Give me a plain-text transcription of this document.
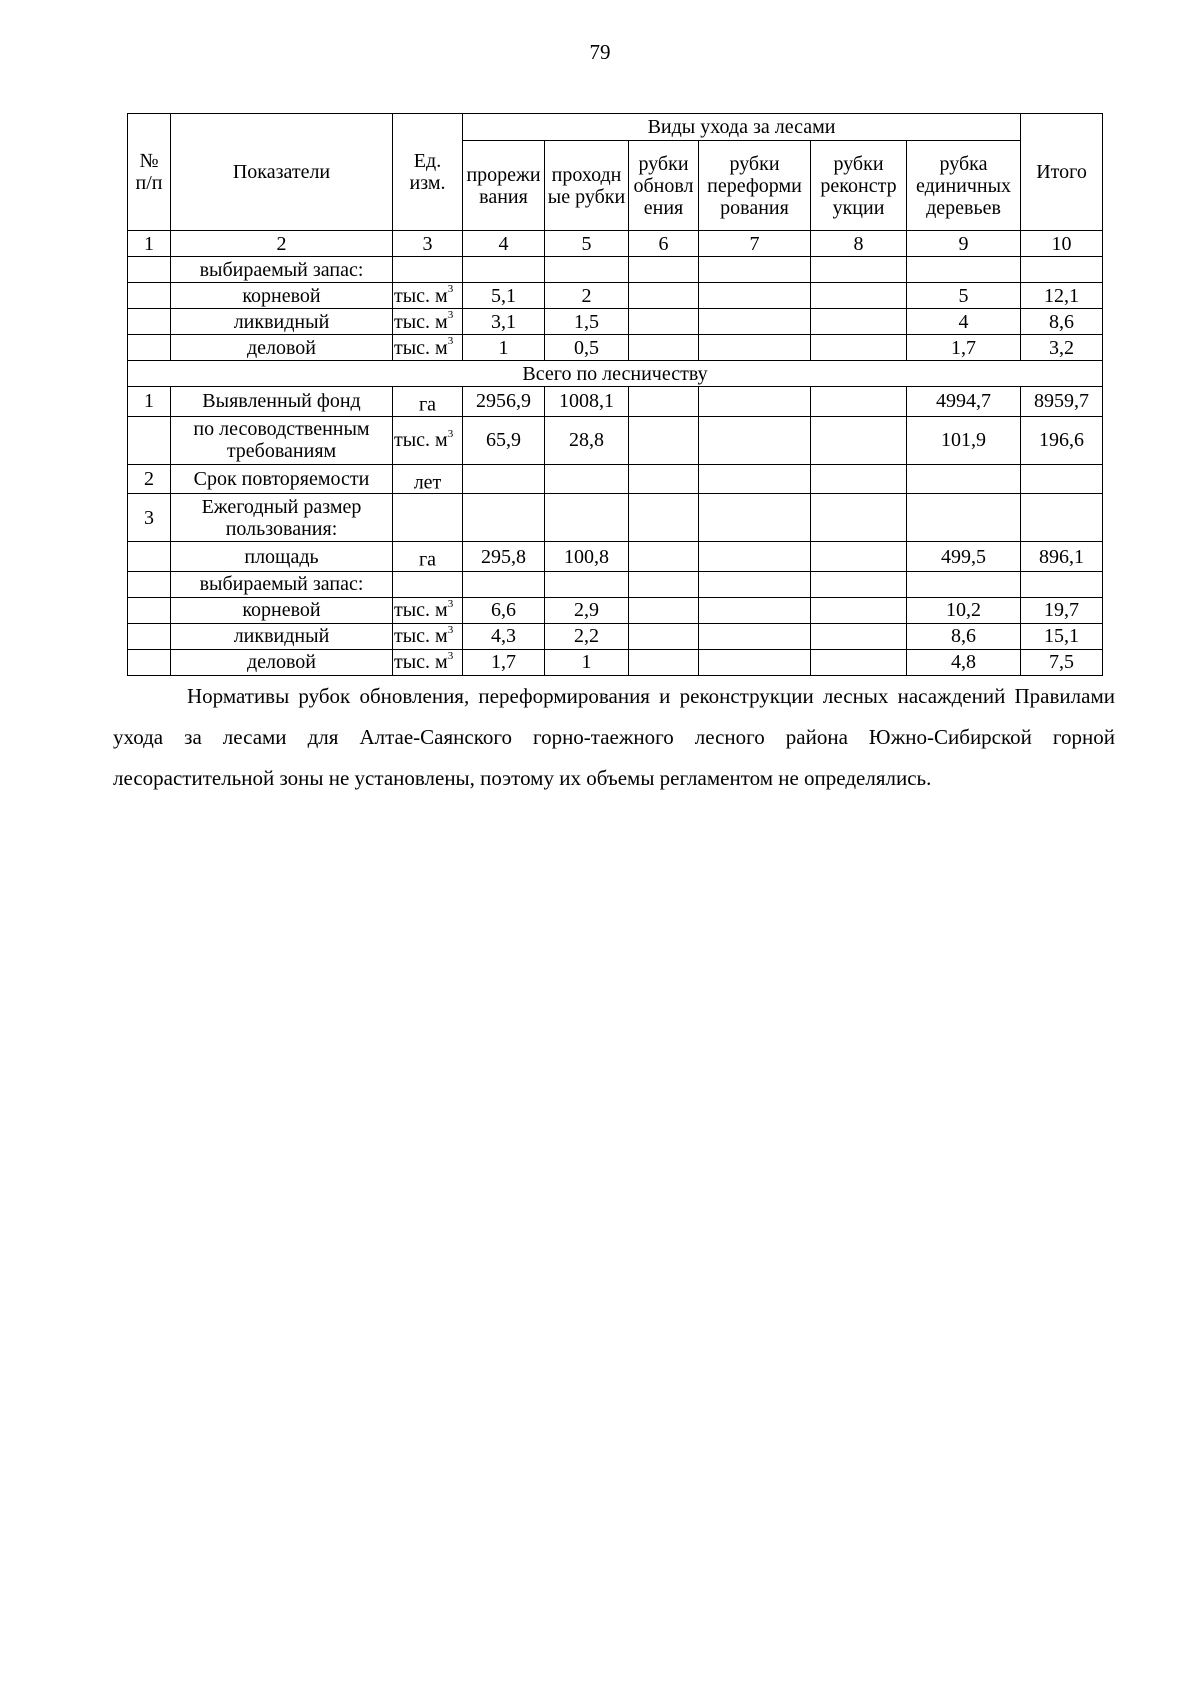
79
№ п/п	Показатели	Ед. изм.	Виды ухода за лесами						Итого
			прорежи вания	проходн ые рубки	рубки обновл ения	рубки переформи рования	рубки реконстр укции	рубка единичных деревьев	
1	2	3	4	5	6	7	8	9	10
	выбираемый запас:								
	корневой	тыс. $м^3$	5,1	2				5	12,1
	ликвидный	тыс. $м^3$	3,1	1,5				4	8,6
	деловой	тыс. $м^3$	1	0,5				1,7	3,2
Всего по лесничеству									
1	Выявленный фонд	га	2956,9	1008,1				4994,7	8959,7
	по лесоводственным требованиям	тыс. $м^3$	65,9	28,8				101,9	196,6
2	Срок повторяемости	лет							
3	Ежегодный размер пользования:								
	площадь	га	295,8	100,8				499,5	896,1
	выбираемый запас:								
	корневой	тыс. $м^3$	6,6	2,9				10,2	19,7
	ликвидный	тыс. $м^3$	4,3	2,2				8,6	15,1
	деловой	тыс. $м^3$	1,7	1				4,8	7,5

Нормативы рубок обновления, переформирования и реконструкции лесных насаждений Правилами ухода за лесами для Алтае-Саянского горно-таежного лесного района Южно-Сибирской горной лесорастительной зоны не установлены, поэтому их объемы регламентом не определялись.
